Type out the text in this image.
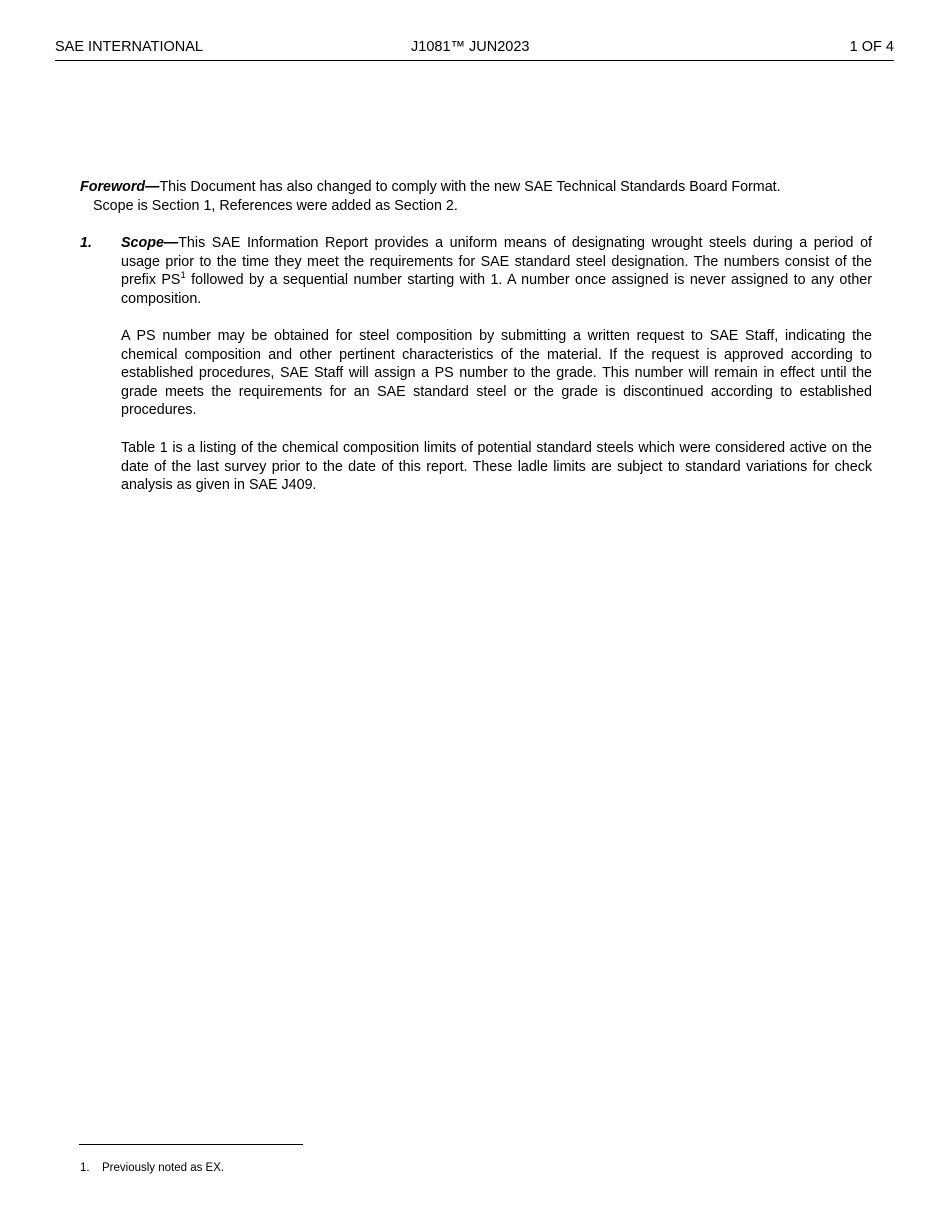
SAE INTERNATIONAL	J1081™ JUN2023	1 OF 4

Foreword—This Document has also changed to comply with the new SAE Technical Standards Board Format.
Scope is Section 1, References were added as Section 2.

1. Scope—This SAE Information Report provides a uniform means of designating wrought steels during a period of usage prior to the time they meet the requirements for SAE standard steel designation. The numbers consist of the prefix $PS^1$ followed by a sequential number starting with 1. A number once assigned is never assigned to any other composition.

A PS number may be obtained for steel composition by submitting a written request to SAE Staff, indicating the chemical composition and other pertinent characteristics of the material. If the request is approved according to established procedures, SAE Staff will assign a PS number to the grade. This number will remain in effect until the grade meets the requirements for an SAE standard steel or the grade is discontinued according to established procedures.

Table 1 is a listing of the chemical composition limits of potential standard steels which were considered active on the date of the last survey prior to the date of this report. These ladle limits are subject to standard variations for check analysis as given in SAE J409.

1. Previously noted as EX.
